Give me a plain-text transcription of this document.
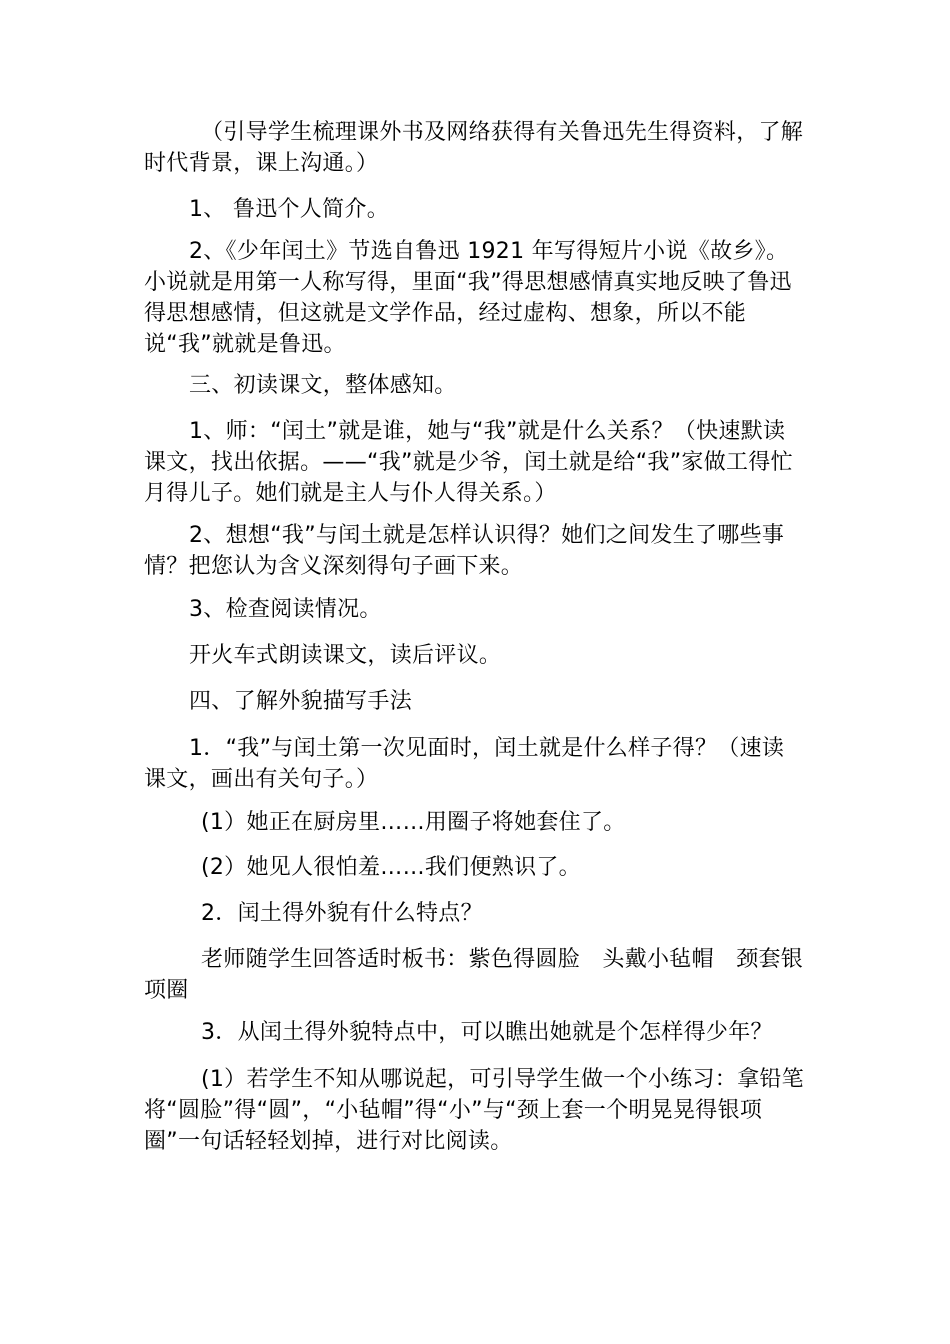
（引导学生梳理课外书及网络获得有关鲁迅先生得资料，了解时代背景，课上沟通。）

1、 鲁迅个人简介。

2、《少年闰土》节选自鲁迅 1921 年写得短片小说《故乡》。小说就是用第一人称写得，里面“我”得思想感情真实地反映了鲁迅得思想感情，但这就是文学作品，经过虚构、想象，所以不能说“我”就就是鲁迅。

三、初读课文，整体感知。

1、师：“闰土”就是谁，她与“我”就是什么关系？（快速默读课文，找出依据。——“我”就是少爷，闰土就是给“我”家做工得忙月得儿子。她们就是主人与仆人得关系。）

2、想想“我”与闰土就是怎样认识得？她们之间发生了哪些事情？把您认为含义深刻得句子画下来。

3、检查阅读情况。

开火车式朗读课文，读后评议。

四、了解外貌描写手法

1．“我”与闰土第一次见面时，闰土就是什么样子得？（速读课文，画出有关句子。）

(1）她正在厨房里……用圈子将她套住了。

(2）她见人很怕羞……我们便熟识了。

2．闰土得外貌有什么特点？

老师随学生回答适时板书：紫色得圆脸　头戴小毡帽　颈套银项圈

3．从闰土得外貌特点中，可以瞧出她就是个怎样得少年？

(1）若学生不知从哪说起，可引导学生做一个小练习：拿铅笔将“圆脸”得“圆”，“小毡帽”得“小”与“颈上套一个明晃晃得银项圈”一句话轻轻划掉，进行对比阅读。
